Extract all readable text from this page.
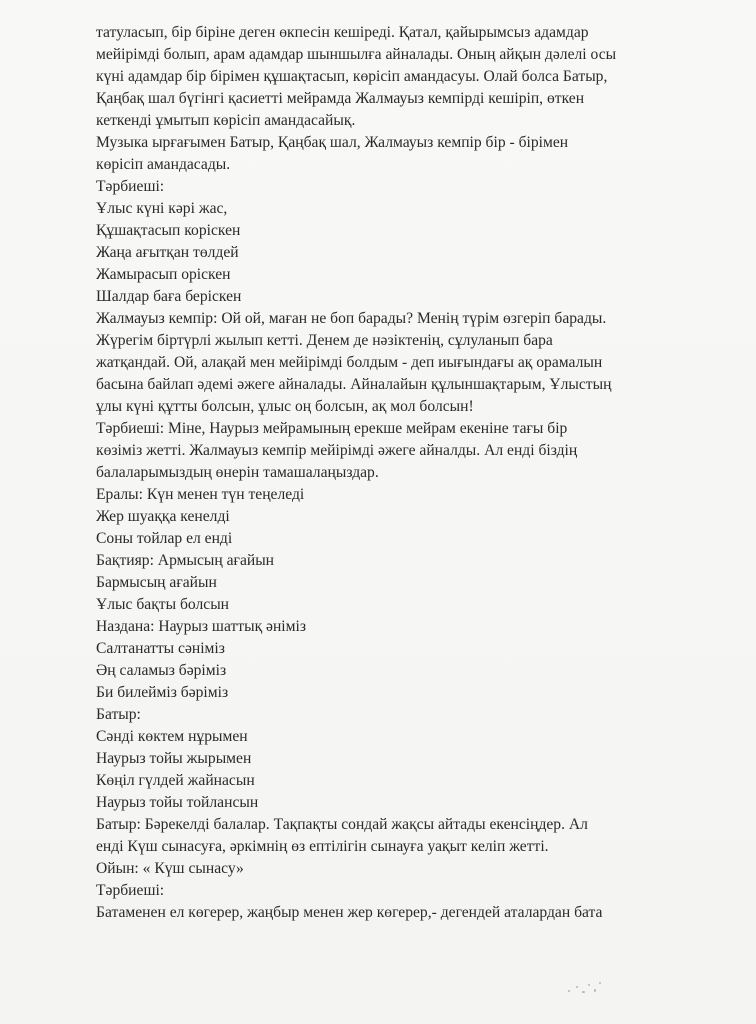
татуласып, бір біріне деген өкпесін кешіреді. Қатал, қайырымсыз адамдар
мейірімді болып, арам адамдар шыншылға айналады. Оның айқын дәлелі осы
күні адамдар бір бірімен құшақтасып, көрісіп амандасуы. Олай болса Батыр,
Қаңбақ шал бүгінгі қасиетті мейрамда Жалмауыз кемпірді кешіріп, өткен
кеткенді ұмытып көрісіп амандасайық.
Музыка ырғағымен Батыр, Қаңбақ шал, Жалмауыз кемпір бір - бірімен
көрісіп амандасады.
Тәрбиеші:
Ұлыс күні кәрі жас,
Құшақтасып коріскен
Жаңа ағытқан төлдей
Жамырасып оріскен
Шалдар баға берiскен
Жалмауыз кемпір: Ой ой, маған не боп барады? Менің түрім өзгеріп барады.
Жүрегім біртүрлі жылып кетті. Денем де нәзіктенің, сұлуланып бара
жатқандай. Ой, алақай мен мейірімді болдым - деп иығындағы ақ орамалын
басына байлап әдемі әжеге айналады. Айналайын құлыншақтарым, Ұлыстың
ұлы күні құтты болсын, ұлыс оң болсын, ақ мол болсын!
Тәрбиеші: Міне, Наурыз мейрамының ерекше мейрам екеніне тағы бір
көзіміз жетті. Жалмауыз кемпір мейірімді әжеге айналды. Ал енді біздің
балаларымыздың өнерін тамашалаңыздар.
Ералы: Күн менен түн теңеледі
Жер шуаққа кенелді
Соны тойлар ел енді
Бақтияр: Армысың ағайын
Бармысың ағайын
Ұлыс бақты болсын
Наздана: Наурыз шаттық әніміз
Салтанатты сәніміз
Әң саламыз бәріміз
Би билейміз бәріміз
Батыр:
Сәнді көктем нұрымен
Наурыз тойы жырымен
Көңіл гүлдей жайнасын
Наурыз тойы тойлансын
Батыр: Бәрекелді балалар. Тақпақты сондай жақсы айтады екенсіңдер. Ал
енді Күш сынасуға, әркімнің өз ептілігін сынауға уақыт келіп жетті.
Ойын: « Күш сынасу»
Тәрбиеші:
Батаменен ел көгерер, жаңбыр менен жер көгерер,- дегендей аталардан бата
